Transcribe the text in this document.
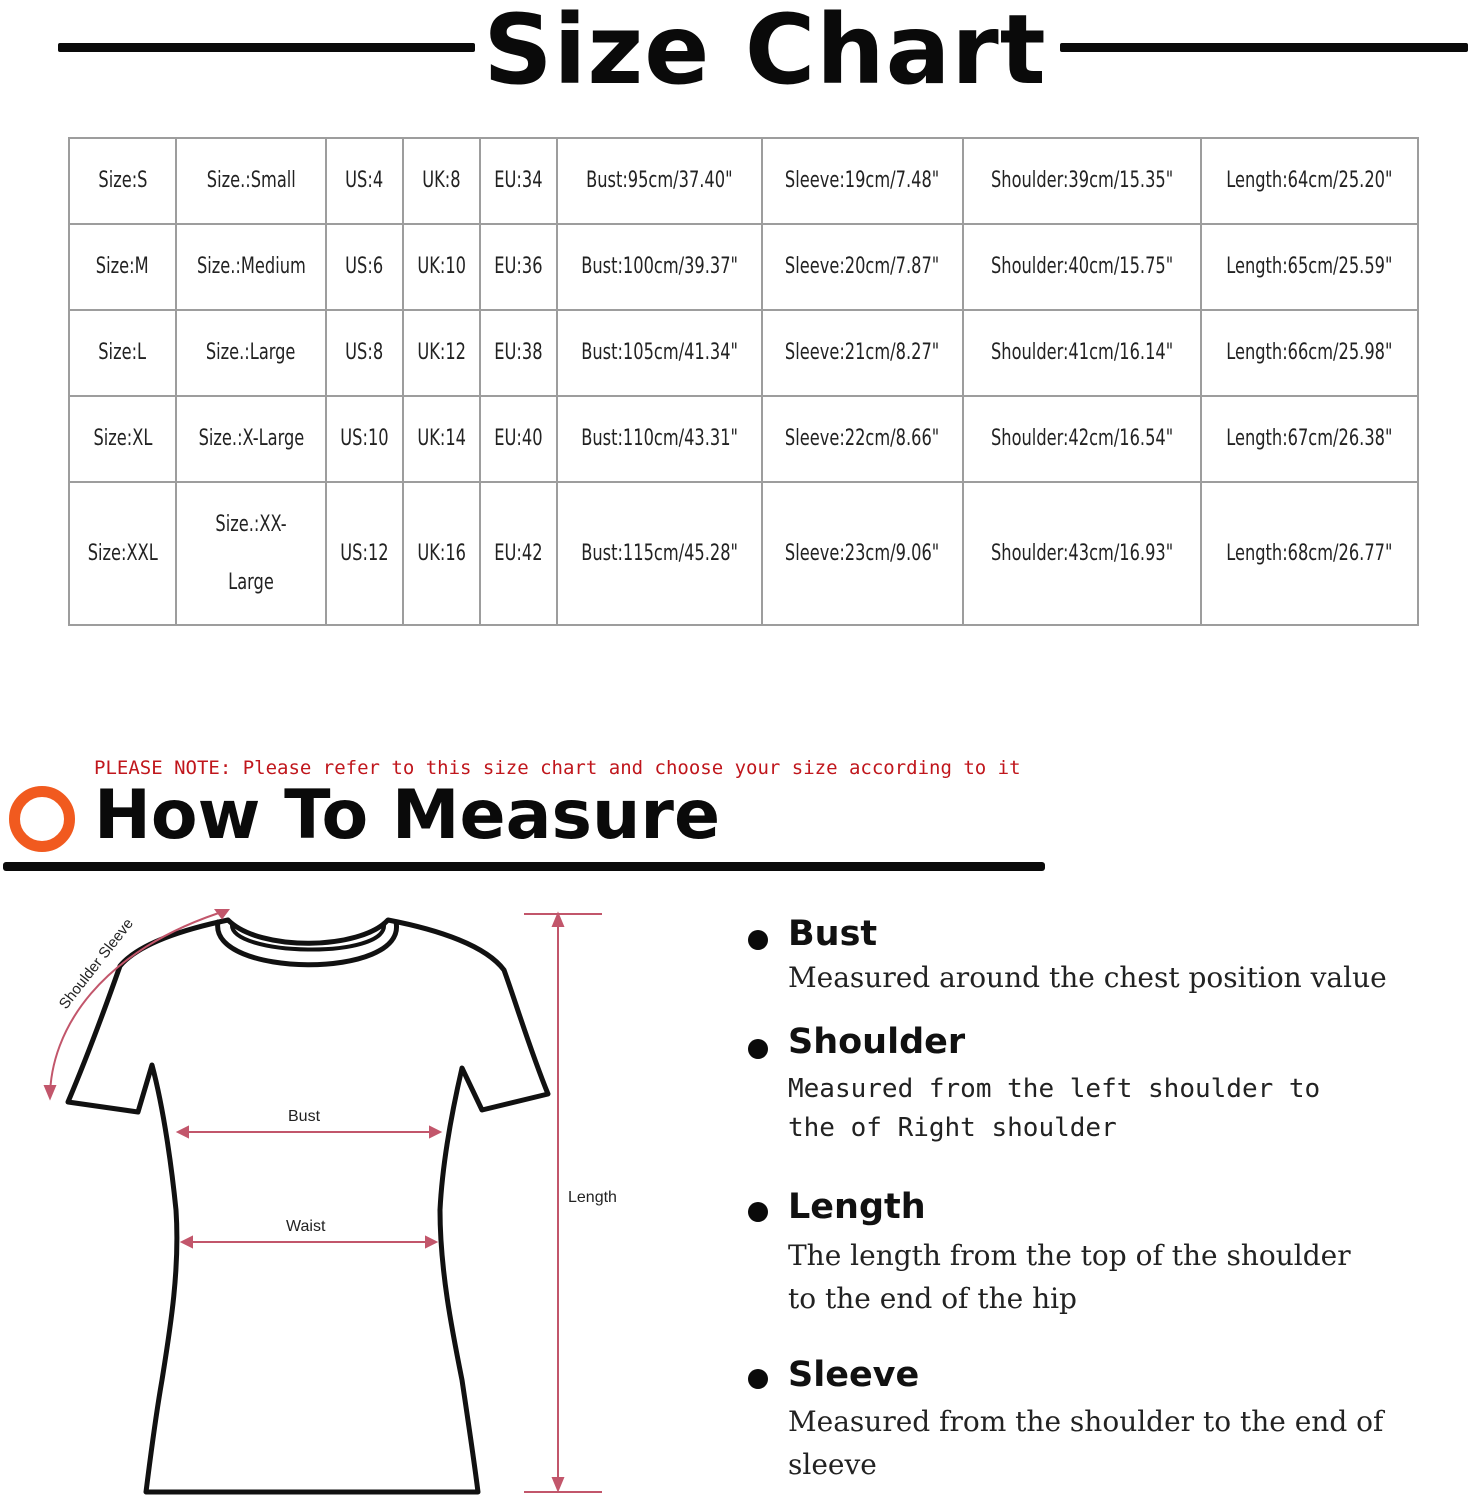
Size Chart
Size:S	Size.:Small	US:4	UK:8	EU:34	Bust:95cm/37.40"	Sleeve:19cm/7.48"	Shoulder:39cm/15.35"	Length:64cm/25.20"
Size:M	Size.:Medium	US:6	UK:10	EU:36	Bust:100cm/39.37"	Sleeve:20cm/7.87"	Shoulder:40cm/15.75"	Length:65cm/25.59"
Size:L	Size.:Large	US:8	UK:12	EU:38	Bust:105cm/41.34"	Sleeve:21cm/8.27"	Shoulder:41cm/16.14"	Length:66cm/25.98"
Size:XL	Size.:X-Large	US:10	UK:14	EU:40	Bust:110cm/43.31"	Sleeve:22cm/8.66"	Shoulder:42cm/16.54"	Length:67cm/26.38"
Size:XXL	Size.:XX-Large	US:12	UK:16	EU:42	Bust:115cm/45.28"	Sleeve:23cm/9.06"	Shoulder:43cm/16.93"	Length:68cm/26.77"
PLEASE NOTE: Please refer to this size chart and choose your size according to it
How To Measure
Shoulder Sleeve
Bust
Waist
Length
Bust
Measured around the chest position value
Shoulder
Measured from the left shoulder to the of Right shoulder
Length
The length from the top of the shoulder to the end of the hip
Sleeve
Measured from the shoulder to the end of sleeve
